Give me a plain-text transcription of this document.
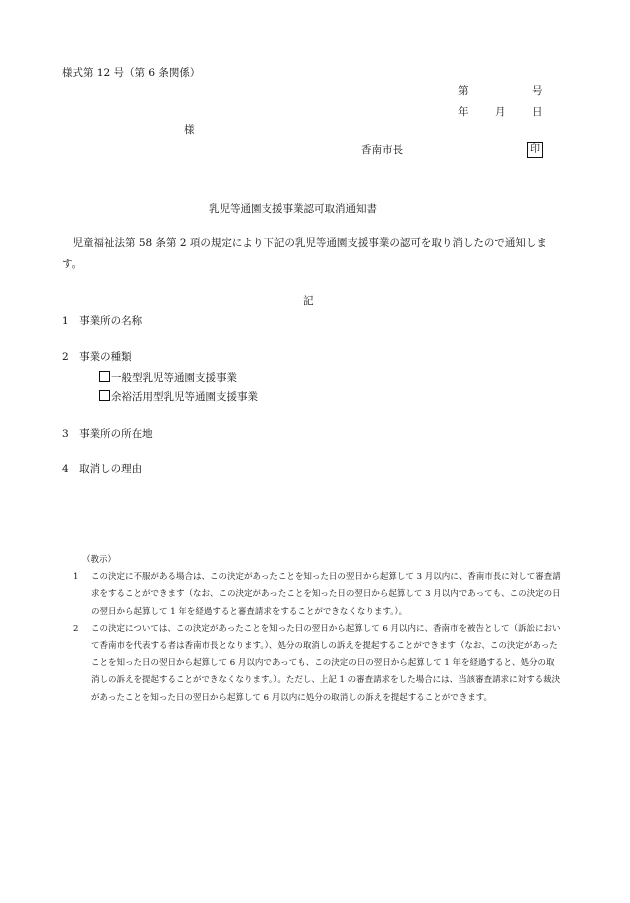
様式第 12 号（第 6 条関係）
第	号
年	月	日
様
香南市長	印
乳児等通園支援事業認可取消通知書
児童福祉法第 58 条第 2 項の規定により下記の乳児等通園支援事業の認可を取り消したので通知します。
記
1　事業所の名称
2　事業の種類
一般型乳児等通園支援事業
余裕活用型乳児等通園支援事業
3　事業所の所在地
4　取消しの理由
（教示）
1 この決定に不服がある場合は、この決定があったことを知った日の翌日から起算して 3 月以内に、香南市長に対して審査請求をすることができます（なお、この決定があったことを知った日の翌日から起算して 3 月以内であっても、この決定の日の翌日から起算して 1 年を経過すると審査請求をすることができなくなります。）。
2 この決定については、この決定があったことを知った日の翌日から起算して 6 月以内に、香南市を被告として（訴訟において香南市を代表する者は香南市長となります。）、処分の取消しの訴えを提起することができます（なお、この決定があったことを知った日の翌日から起算して 6 月以内であっても、この決定の日の翌日から起算して 1 年を経過すると、処分の取消しの訴えを提起することができなくなります。）。ただし、上記 1 の審査請求をした場合には、当該審査請求に対する裁決があったことを知った日の翌日から起算して 6 月以内に処分の取消しの訴えを提起することができます。
